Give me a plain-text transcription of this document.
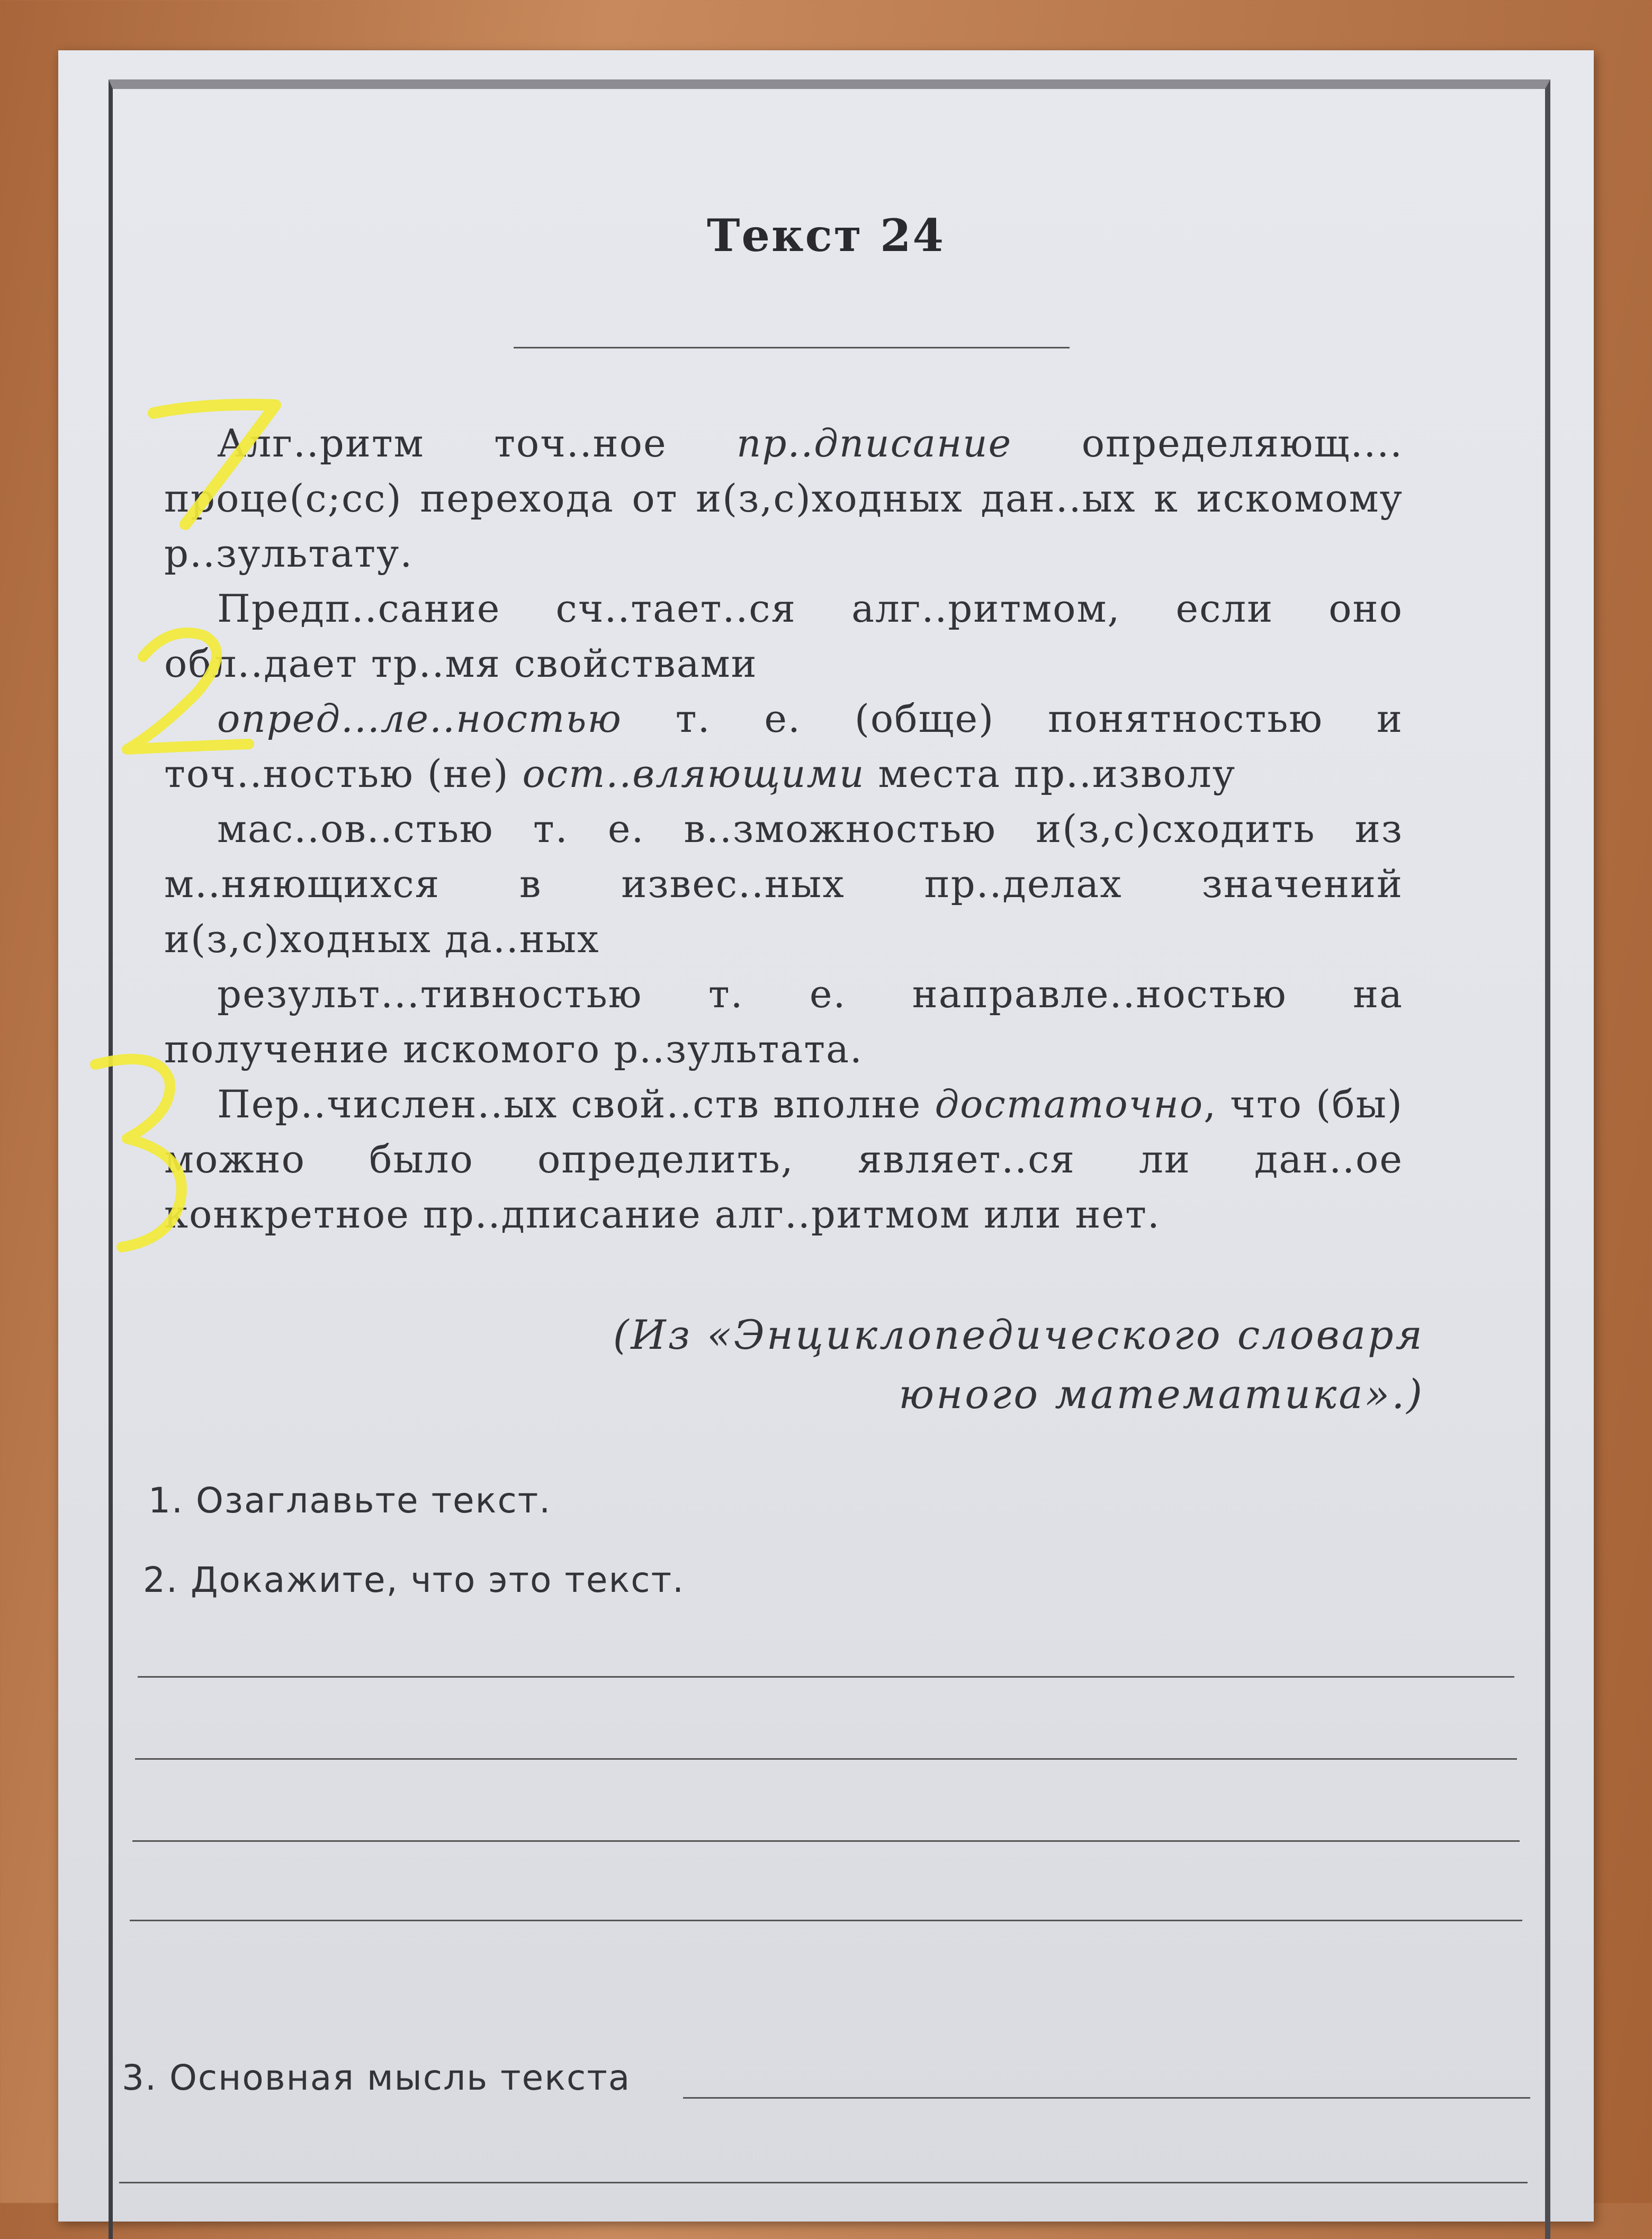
Текст 24

Алг..ритм точ..ное пр..дписание определяющ.... проце(с;сс) перехода от и(з,с)ходных дан..ых к искомому р..зультату.

Предп..сание сч..тает..ся алг..ритмом, если оно обл..дает тр..мя свойствами

опред...ле..ностью т. е. (обще) понятностью и точ..ностью (не) ост..вляющими места пр..изволу

мас..ов..стью т. е. в..зможностью и(з,с)сходить из м..няющихся в извес..ных пр..делах значений и(з,с)ходных да..ных

результ...тивностью т. е. направле..ностью на получение искомого р..зультата.

Пер..числен..ых свой..ств вполне достаточно, что (бы) можно было определить, являет..ся ли дан..ое конкретное пр..дписание алг..ритмом или нет.

(Из «Энциклопедического словаря
юного математика».)
1. Озаглавьте текст.
2. Докажите, что это текст.
3. Основная мысль текста
